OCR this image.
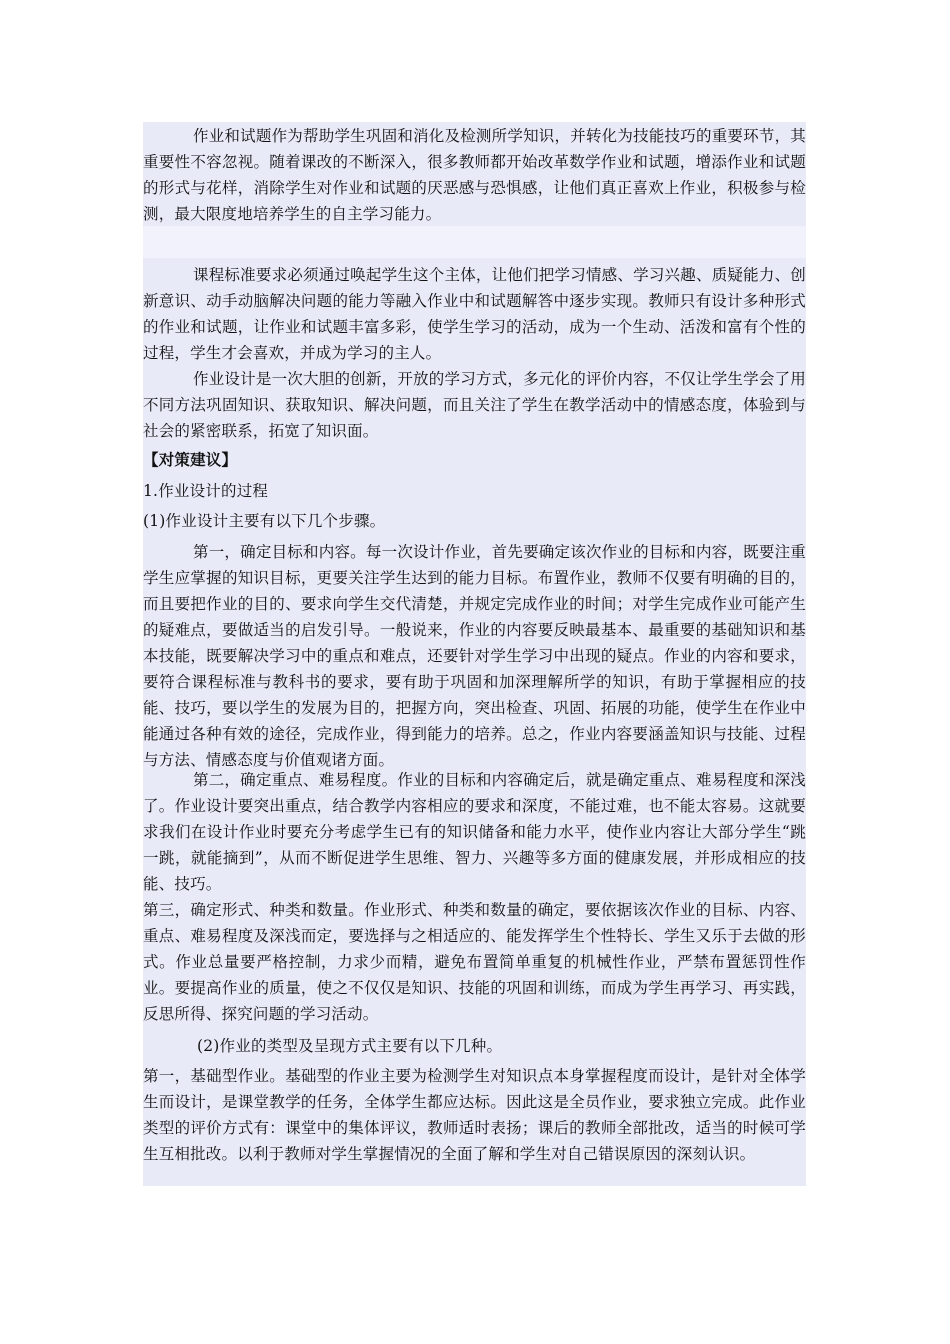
作业和试题作为帮助学生巩固和消化及检测所学知识，并转化为技能技巧的重要环节，其重要性不容忽视。随着课改的不断深入，很多教师都开始改革数学作业和试题，增添作业和试题的形式与花样，消除学生对作业和试题的厌恶感与恐惧感，让他们真正喜欢上作业，积极参与检测，最大限度地培养学生的自主学习能力。

课程标准要求必须通过唤起学生这个主体，让他们把学习情感、学习兴趣、质疑能力、创新意识、动手动脑解决问题的能力等融入作业中和试题解答中逐步实现。教师只有设计多种形式的作业和试题，让作业和试题丰富多彩，使学生学习的活动，成为一个生动、活泼和富有个性的过程，学生才会喜欢，并成为学习的主人。

作业设计是一次大胆的创新，开放的学习方式，多元化的评价内容，不仅让学生学会了用不同方法巩固知识、获取知识、解决问题，而且关注了学生在教学活动中的情感态度，体验到与社会的紧密联系，拓宽了知识面。

【对策建议】

1.作业设计的过程

(1)作业设计主要有以下几个步骤。

第一，确定目标和内容。每一次设计作业，首先要确定该次作业的目标和内容，既要注重学生应掌握的知识目标，更要关注学生达到的能力目标。布置作业，教师不仅要有明确的目的，而且要把作业的目的、要求向学生交代清楚，并规定完成作业的时间；对学生完成作业可能产生的疑难点，要做适当的启发引导。一般说来，作业的内容要反映最基本、最重要的基础知识和基本技能，既要解决学习中的重点和难点，还要针对学生学习中出现的疑点。作业的内容和要求，要符合课程标准与教科书的要求，要有助于巩固和加深理解所学的知识，有助于掌握相应的技能、技巧，要以学生的发展为目的，把握方向，突出检查、巩固、拓展的功能，使学生在作业中能通过各种有效的途径，完成作业，得到能力的培养。总之，作业内容要涵盖知识与技能、过程与方法、情感态度与价值观诸方面。

第二，确定重点、难易程度。作业的目标和内容确定后，就是确定重点、难易程度和深浅了。作业设计要突出重点，结合教学内容相应的要求和深度，不能过难，也不能太容易。这就要求我们在设计作业时要充分考虑学生已有的知识储备和能力水平，使作业内容让大部分学生“跳一跳，就能摘到”，从而不断促进学生思维、智力、兴趣等多方面的健康发展，并形成相应的技能、技巧。

第三，确定形式、种类和数量。作业形式、种类和数量的确定，要依据该次作业的目标、内容、重点、难易程度及深浅而定，要选择与之相适应的、能发挥学生个性特长、学生又乐于去做的形式。作业总量要严格控制，力求少而精，避免布置简单重复的机械性作业，严禁布置惩罚性作业。要提高作业的质量，使之不仅仅是知识、技能的巩固和训练，而成为学生再学习、再实践，反思所得、探究问题的学习活动。

(2)作业的类型及呈现方式主要有以下几种。

第一，基础型作业。基础型的作业主要为检测学生对知识点本身掌握程度而设计，是针对全体学生而设计，是课堂教学的任务，全体学生都应达标。因此这是全员作业，要求独立完成。此作业类型的评价方式有：课堂中的集体评议，教师适时表扬；课后的教师全部批改，适当的时候可学生互相批改。以利于教师对学生掌握情况的全面了解和学生对自己错误原因的深刻认识。
